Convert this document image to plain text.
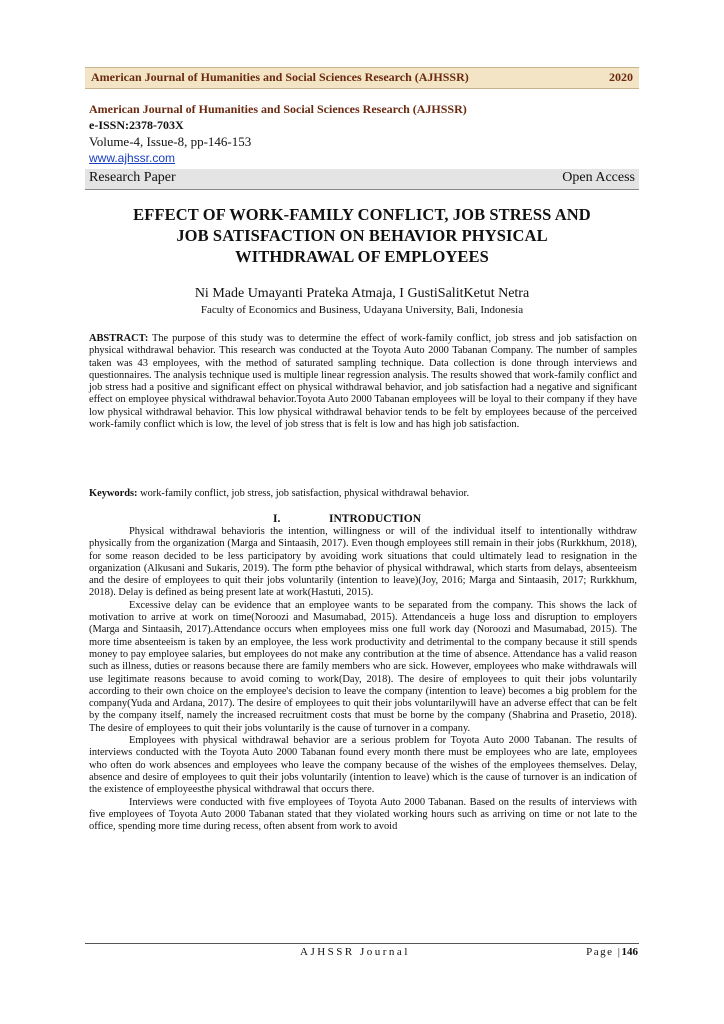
American Journal of Humanities and Social Sciences Research (AJHSSR)	2020
American Journal of Humanities and Social Sciences Research (AJHSSR)
e-ISSN:2378-703X
Volume-4, Issue-8, pp-146-153
www.ajhssr.com
Research Paper	Open Access
EFFECT OF WORK-FAMILY CONFLICT, JOB STRESS AND
JOB SATISFACTION ON BEHAVIOR PHYSICAL
WITHDRAWAL OF EMPLOYEES
Ni Made Umayanti Prateka Atmaja, I GustiSalitKetut Netra
Faculty of Economics and Business, Udayana University, Bali, Indonesia
ABSTRACT: The purpose of this study was to determine the effect of work-family conflict, job stress and job satisfaction on physical withdrawal behavior. This research was conducted at the Toyota Auto 2000 Tabanan Company. The number of samples taken was 43 employees, with the method of saturated sampling technique. Data collection is done through interviews and questionnaires. The analysis technique used is multiple linear regression analysis. The results showed that work-family conflict and job stress had a positive and significant effect on physical withdrawal behavior, and job satisfaction had a negative and significant effect on employee physical withdrawal behavior.Toyota Auto 2000 Tabanan employees will be loyal to their company if they have low physical withdrawal behavior. This low physical withdrawal behavior tends to be felt by employees because of the perceived work-family conflict which is low, the level of job stress that is felt is low and has high job satisfaction.
Keywords: work-family conflict, job stress, job satisfaction, physical withdrawal behavior.
I.	INTRODUCTION

Physical withdrawal behavioris the intention, willingness or will of the individual itself to intentionally withdraw physically from the organization (Marga and Sintaasih, 2017). Even though employees still remain in their jobs (Rurkkhum, 2018), for some reason decided to be less participatory by avoiding work situations that could ultimately lead to resignation in the organization (Alkusani and Sukaris, 2019). The form pthe behavior of physical withdrawal, which starts from delays, absenteeism and the desire of employees to quit their jobs voluntarily (intention to leave)(Joy, 2016; Marga and Sintaasih, 2017; Rurkkhum, 2018). Delay is defined as being present late at work(Hastuti, 2015).

Excessive delay can be evidence that an employee wants to be separated from the company. This shows the lack of motivation to arrive at work on time(Noroozi and Masumabad, 2015). Attendanceis a huge loss and disruption to employers (Marga and Sintaasih, 2017).Attendance occurs when employees miss one full work day (Noroozi and Masumabad, 2015). The more time absenteeism is taken by an employee, the less work productivity and detrimental to the company because it still spends money to pay employee salaries, but employees do not make any contribution at the time of absence. Attendance has a valid reason such as illness, duties or reasons because there are family members who are sick. However, employees who make withdrawals will use legitimate reasons because to avoid coming to work(Day, 2018). The desire of employees to quit their jobs voluntarily according to their own choice on the employee's decision to leave the company (intention to leave) becomes a big problem for the company(Yuda and Ardana, 2017). The desire of employees to quit their jobs voluntarilywill have an adverse effect that can be felt by the company itself, namely the increased recruitment costs that must be borne by the company (Shabrina and Prasetio, 2018). The desire of employees to quit their jobs voluntarily is the cause of turnover in a company.

Employees with physical withdrawal behavior are a serious problem for Toyota Auto 2000 Tabanan. The results of interviews conducted with the Toyota Auto 2000 Tabanan found every month there must be employees who are late, employees who often do work absences and employees who leave the company because of the wishes of the employees themselves. Delay, absence and desire of employees to quit their jobs voluntarily (intention to leave) which is the cause of turnover is an indication of the existence of employeesthe physical withdrawal that occurs there.

Interviews were conducted with five employees of Toyota Auto 2000 Tabanan. Based on the results of interviews with five employees of Toyota Auto 2000 Tabanan stated that they violated working hours such as arriving on time or not late to the office, spending more time during recess, often absent from work to avoid

AJHSSR Journal	Page |146
